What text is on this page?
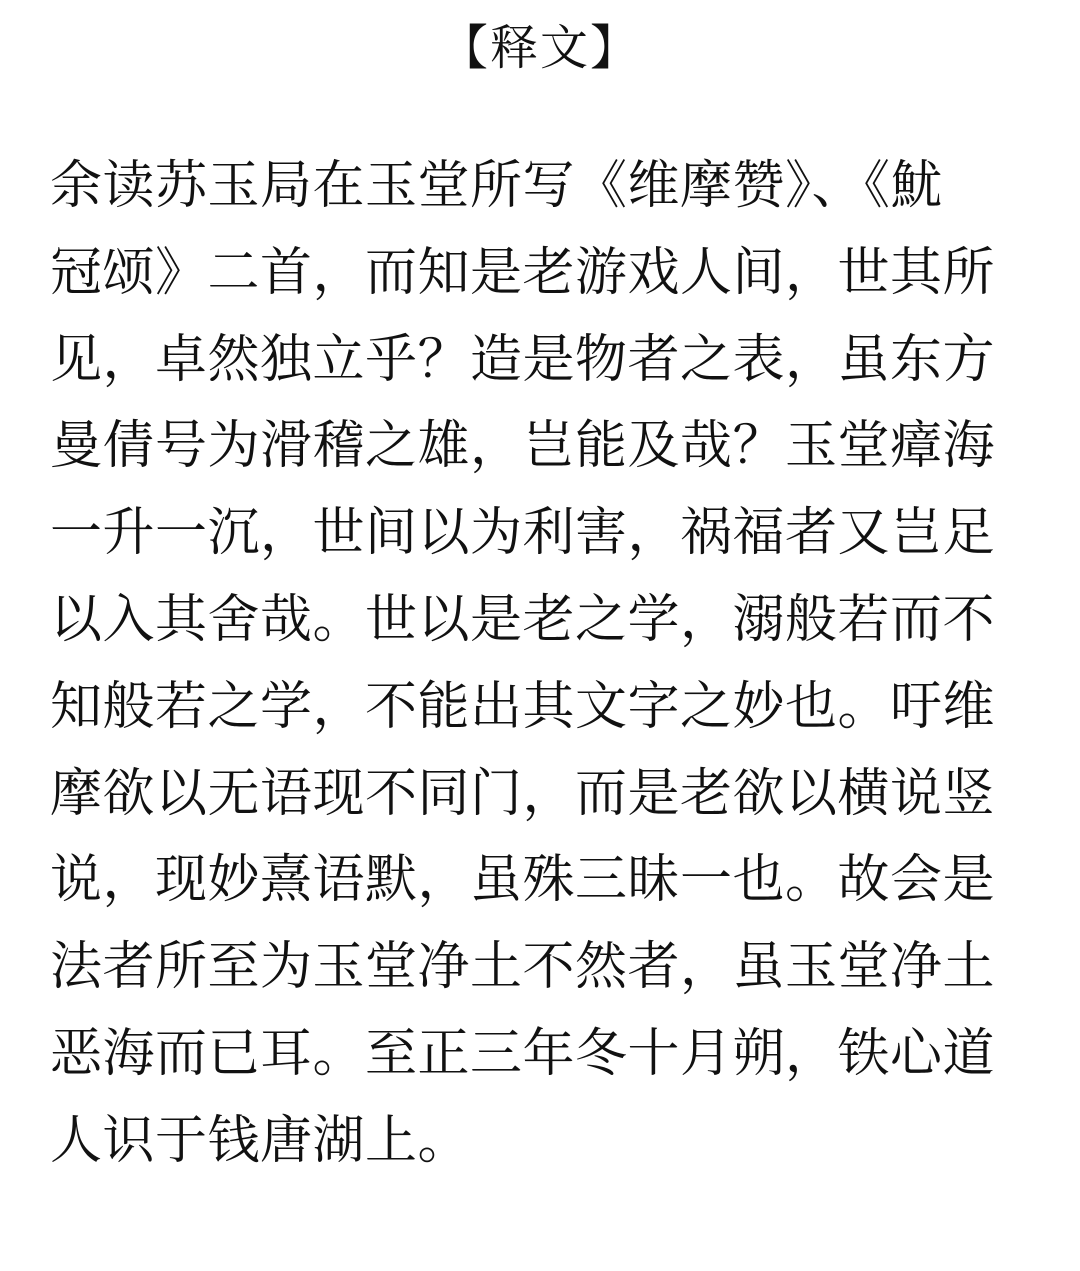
【释文】
余读苏玉局在玉堂所写《维摩赞》、《魷
冠颂》二首，而知是老游戏人间，世其所
见，卓然独立乎？造是物者之表，虽东方
曼倩号为滑稽之雄，岂能及哉？玉堂瘴海
一升一沉，世间以为利害，祸福者又岂足
以入其舍哉。世以是老之学，溺般若而不
知般若之学，不能出其文字之妙也。吁维
摩欲以无语现不同门，而是老欲以横说竖
说，现妙熹语默，虽殊三昧一也。故会是
法者所至为玉堂净土不然者，虽玉堂净土
恶海而已耳。至正三年冬十月朔，铁心道
人识于钱唐湖上。
